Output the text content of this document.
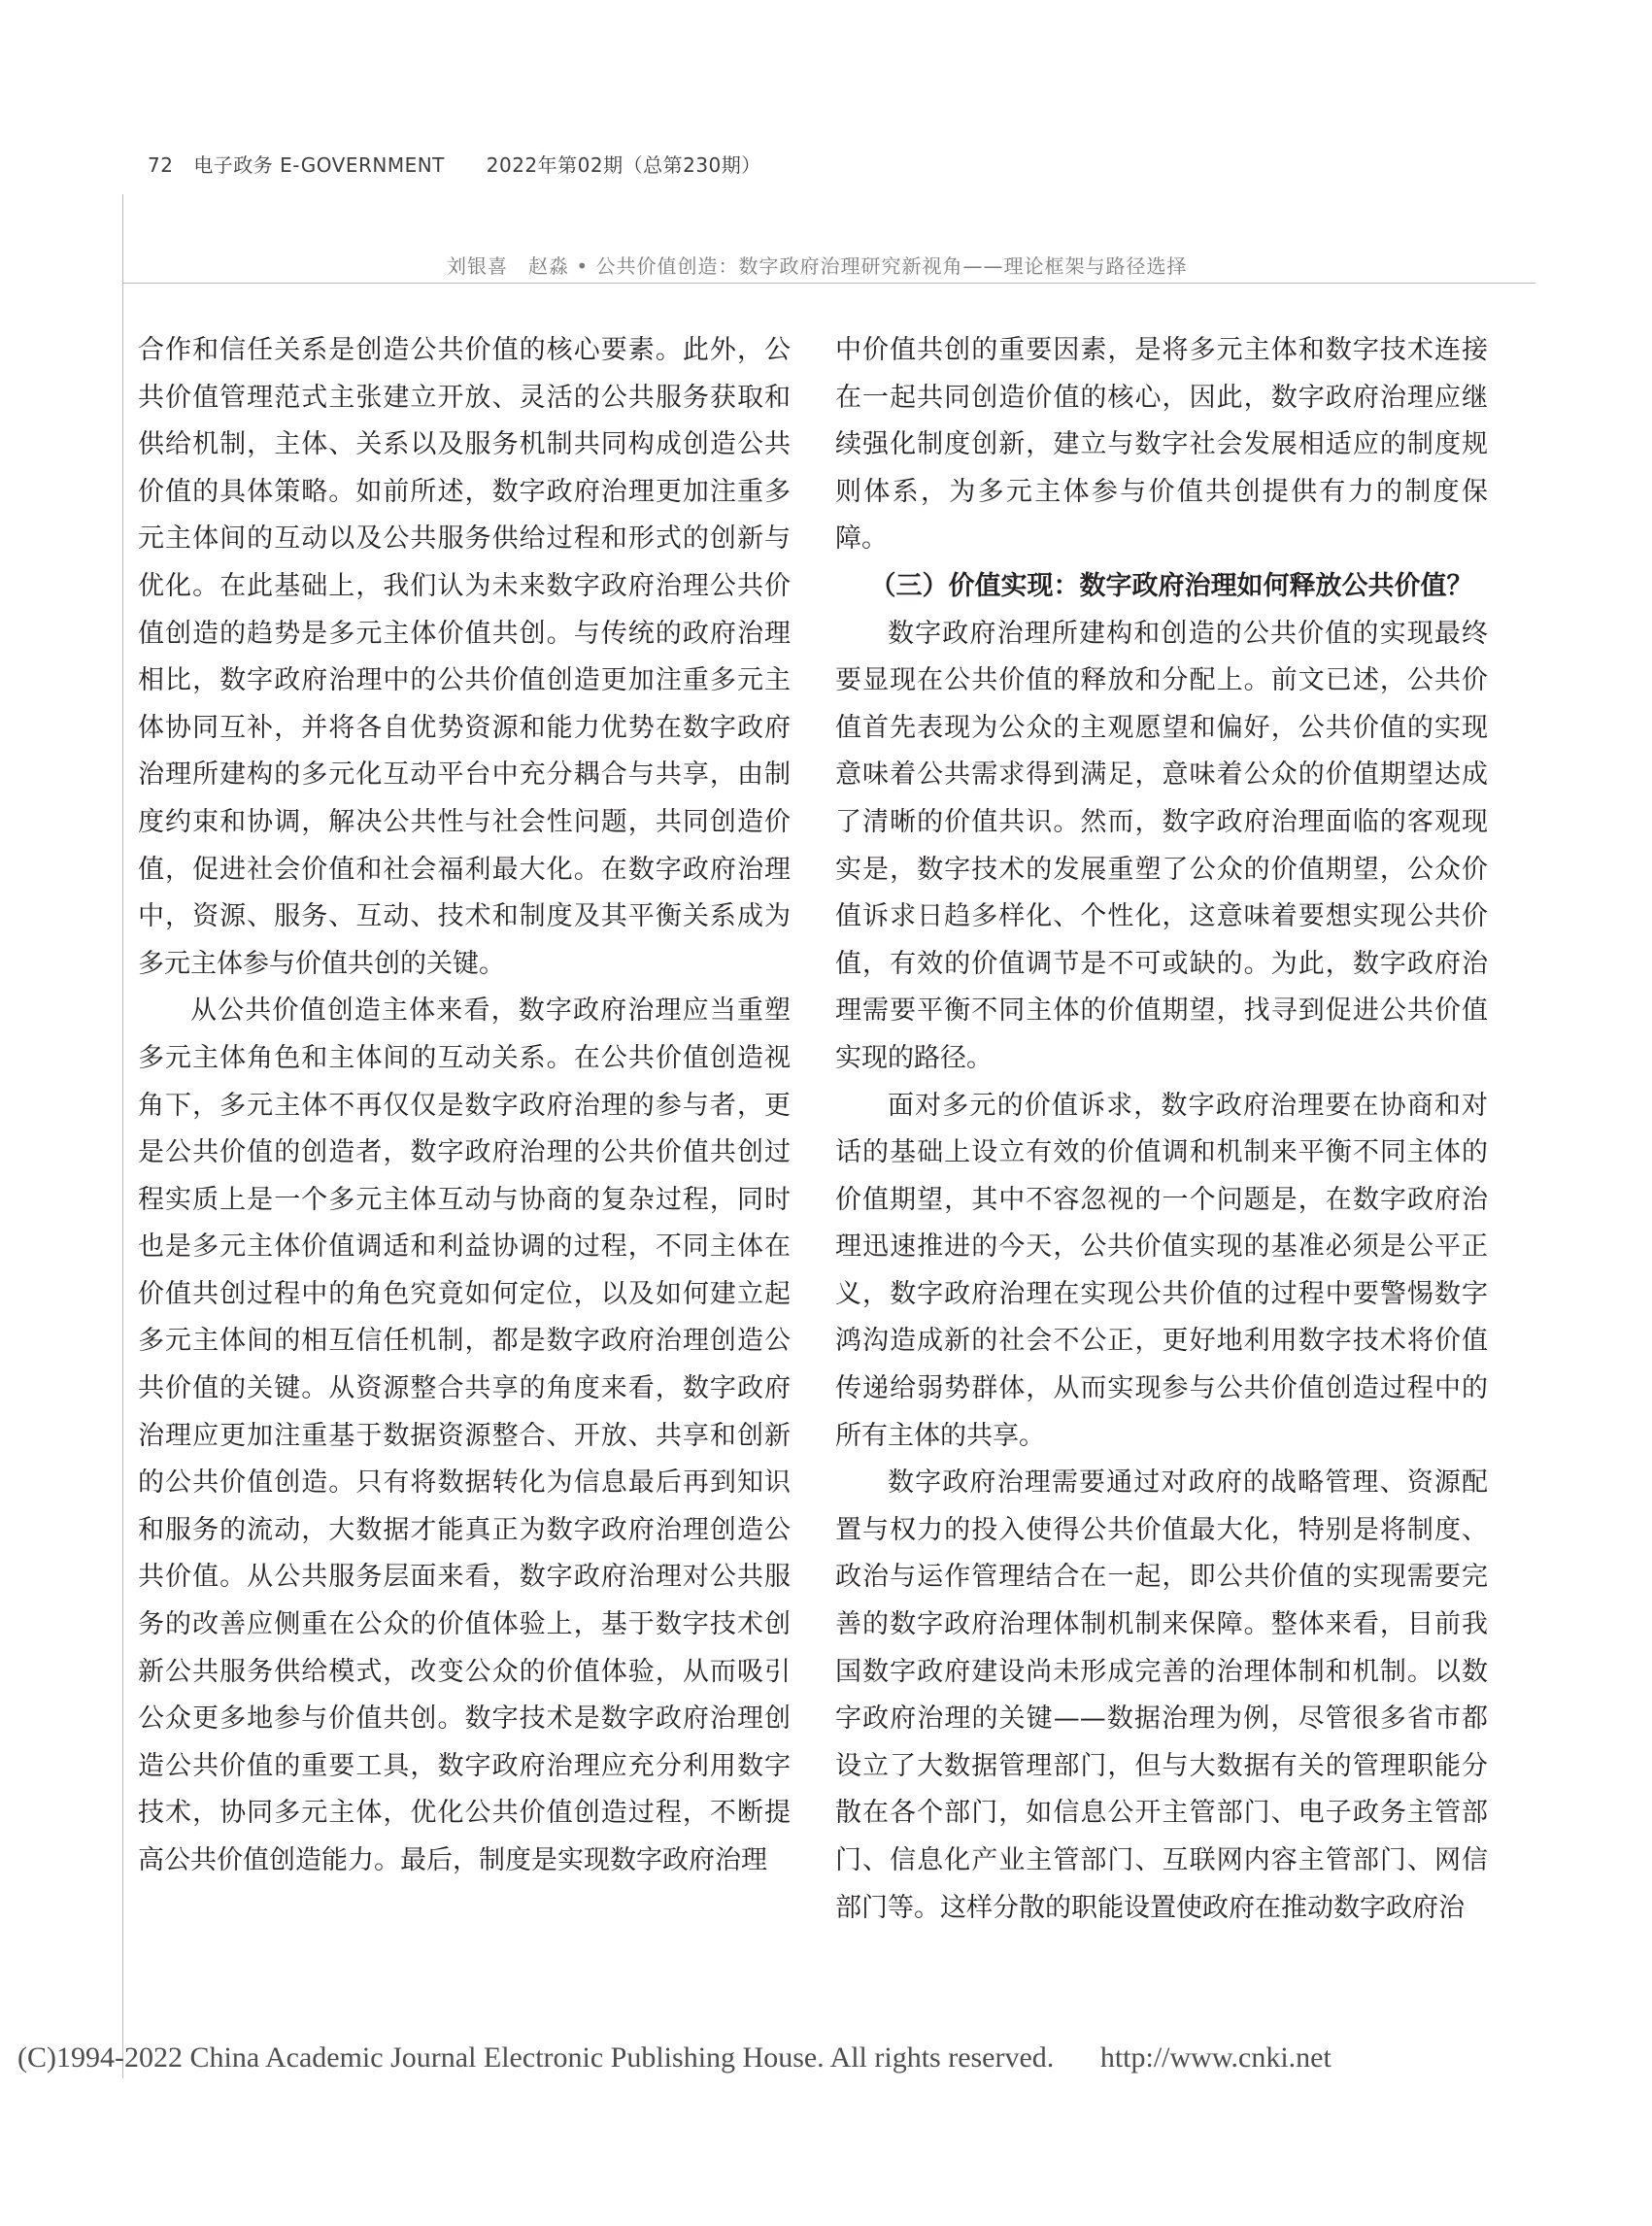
72 电子政务 E-GOVERNMENT 2022年第02期（总第230期）
刘银喜　赵淼 • 公共价值创造：数字政府治理研究新视角——理论框架与路径选择

合作和信任关系是创造公共价值的核心要素。此外，公共价值管理范式主张建立开放、灵活的公共服务获取和供给机制，主体、关系以及服务机制共同构成创造公共价值的具体策略。如前所述，数字政府治理更加注重多元主体间的互动以及公共服务供给过程和形式的创新与优化。在此基础上，我们认为未来数字政府治理公共价值创造的趋势是多元主体价值共创。与传统的政府治理相比，数字政府治理中的公共价值创造更加注重多元主体协同互补，并将各自优势资源和能力优势在数字政府治理所建构的多元化互动平台中充分耦合与共享，由制度约束和协调，解决公共性与社会性问题，共同创造价值，促进社会价值和社会福利最大化。在数字政府治理中，资源、服务、互动、技术和制度及其平衡关系成为多元主体参与价值共创的关键。

从公共价值创造主体来看，数字政府治理应当重塑多元主体角色和主体间的互动关系。在公共价值创造视角下，多元主体不再仅仅是数字政府治理的参与者，更是公共价值的创造者，数字政府治理的公共价值共创过程实质上是一个多元主体互动与协商的复杂过程，同时也是多元主体价值调适和利益协调的过程，不同主体在价值共创过程中的角色究竟如何定位，以及如何建立起多元主体间的相互信任机制，都是数字政府治理创造公共价值的关键。从资源整合共享的角度来看，数字政府治理应更加注重基于数据资源整合、开放、共享和创新的公共价值创造。只有将数据转化为信息最后再到知识和服务的流动，大数据才能真正为数字政府治理创造公共价值。从公共服务层面来看，数字政府治理对公共服务的改善应侧重在公众的价值体验上，基于数字技术创新公共服务供给模式，改变公众的价值体验，从而吸引公众更多地参与价值共创。数字技术是数字政府治理创造公共价值的重要工具，数字政府治理应充分利用数字技术，协同多元主体，优化公共价值创造过程，不断提高公共价值创造能力。最后，制度是实现数字政府治理

中价值共创的重要因素，是将多元主体和数字技术连接在一起共同创造价值的核心，因此，数字政府治理应继续强化制度创新，建立与数字社会发展相适应的制度规则体系，为多元主体参与价值共创提供有力的制度保障。

（三）价值实现：数字政府治理如何释放公共价值？

数字政府治理所建构和创造的公共价值的实现最终要显现在公共价值的释放和分配上。前文已述，公共价值首先表现为公众的主观愿望和偏好，公共价值的实现意味着公共需求得到满足，意味着公众的价值期望达成了清晰的价值共识。然而，数字政府治理面临的客观现实是，数字技术的发展重塑了公众的价值期望，公众价值诉求日趋多样化、个性化，这意味着要想实现公共价值，有效的价值调节是不可或缺的。为此，数字政府治理需要平衡不同主体的价值期望，找寻到促进公共价值实现的路径。

面对多元的价值诉求，数字政府治理要在协商和对话的基础上设立有效的价值调和机制来平衡不同主体的价值期望，其中不容忽视的一个问题是，在数字政府治理迅速推进的今天，公共价值实现的基准必须是公平正义，数字政府治理在实现公共价值的过程中要警惕数字鸿沟造成新的社会不公正，更好地利用数字技术将价值传递给弱势群体，从而实现参与公共价值创造过程中的所有主体的共享。

数字政府治理需要通过对政府的战略管理、资源配置与权力的投入使得公共价值最大化，特别是将制度、政治与运作管理结合在一起，即公共价值的实现需要完善的数字政府治理体制机制来保障。整体来看，目前我国数字政府建设尚未形成完善的治理体制和机制。以数字政府治理的关键——数据治理为例，尽管很多省市都设立了大数据管理部门，但与大数据有关的管理职能分散在各个部门，如信息公开主管部门、电子政务主管部门、信息化产业主管部门、互联网内容主管部门、网信部门等。这样分散的职能设置使政府在推动数字政府治

(C)1994-2022 China Academic Journal Electronic Publishing House. All rights reserved. http://www.cnki.net
